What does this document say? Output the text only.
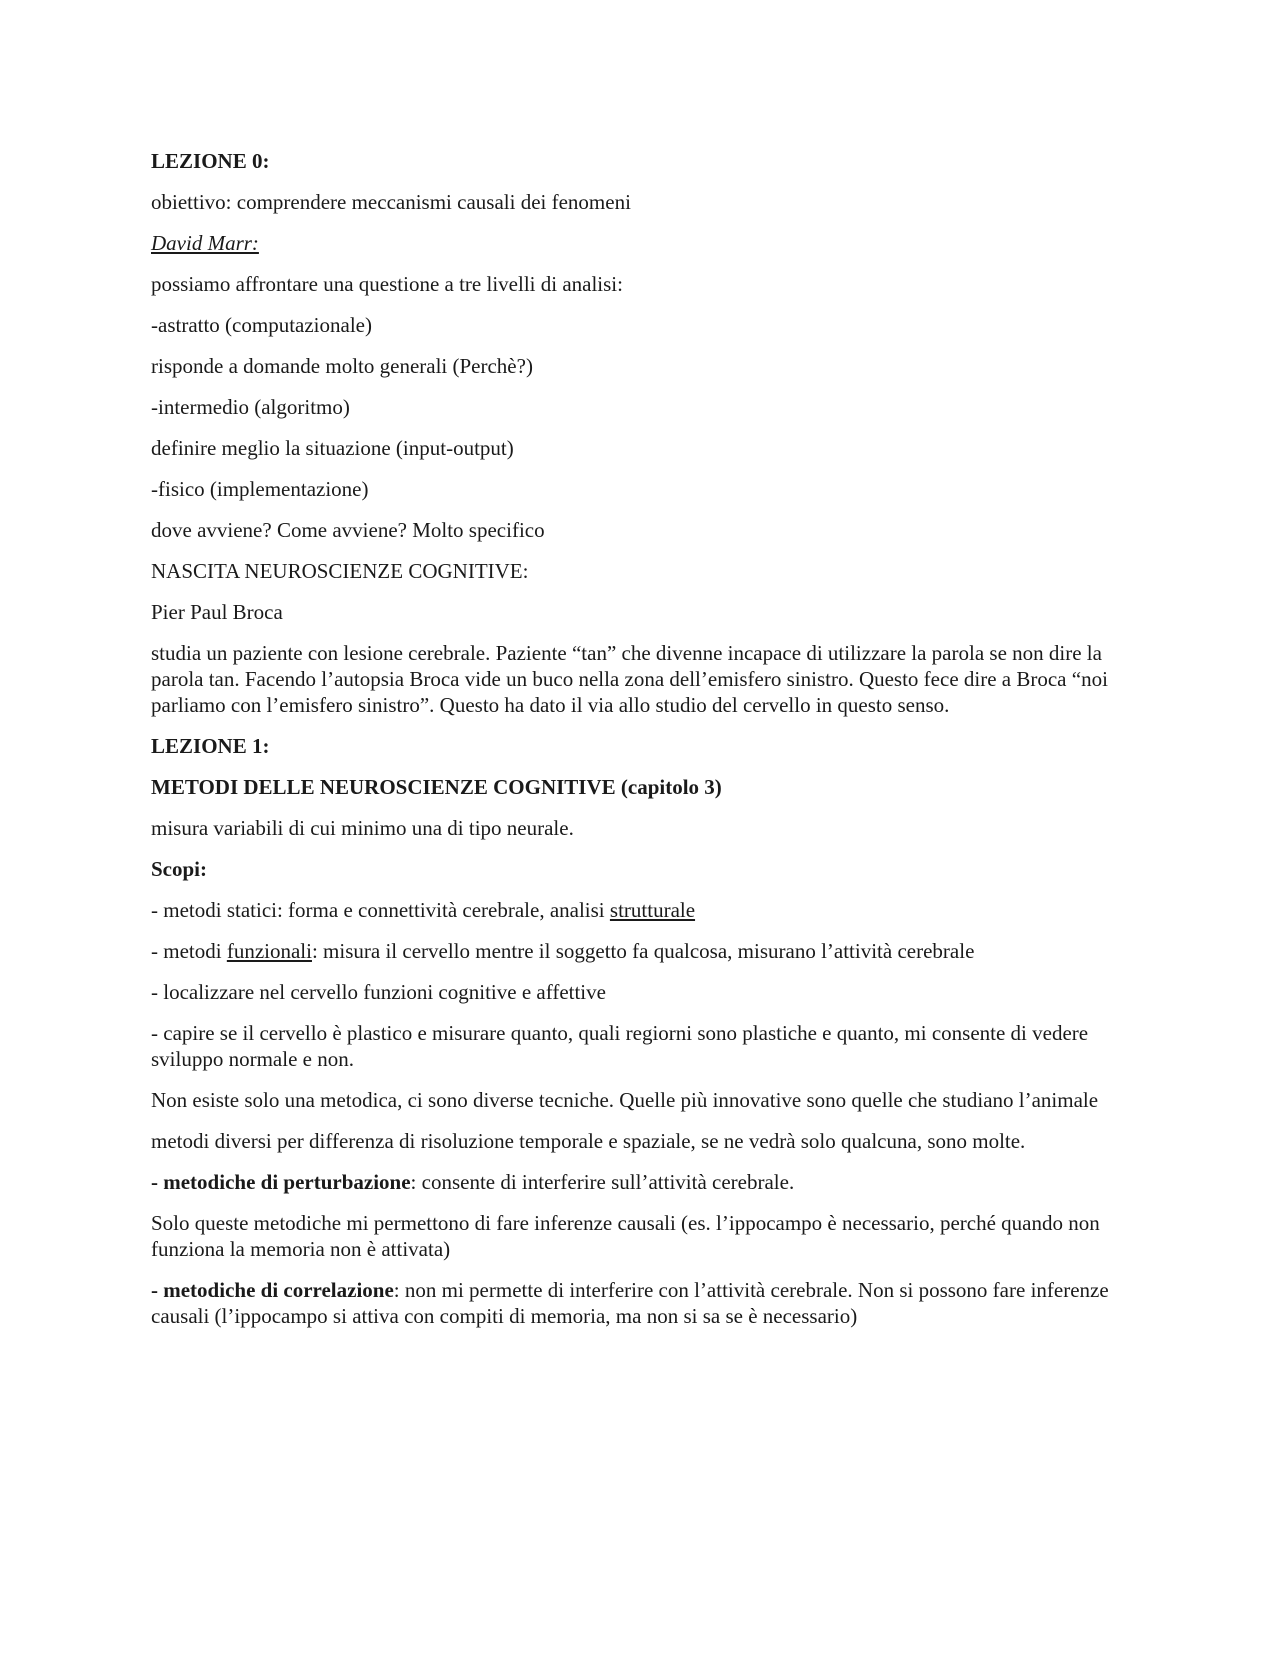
LEZIONE 0:

obiettivo: comprendere meccanismi causali dei fenomeni

David Marr:

possiamo affrontare una questione a tre livelli di analisi:

-astratto (computazionale)

risponde a domande molto generali (Perchè?)

-intermedio (algoritmo)

definire meglio la situazione (input-output)

-fisico (implementazione)

dove avviene? Come avviene? Molto specifico

NASCITA NEUROSCIENZE COGNITIVE:

Pier Paul Broca

studia un paziente con lesione cerebrale. Paziente “tan” che divenne incapace di utilizzare la parola se non dire la parola tan. Facendo l’autopsia Broca vide un buco nella zona dell’emisfero sinistro. Questo fece dire a Broca “noi parliamo con l’emisfero sinistro”. Questo ha dato il via allo studio del cervello in questo senso.

LEZIONE 1:

METODI DELLE NEUROSCIENZE COGNITIVE (capitolo 3)

misura variabili di cui minimo una di tipo neurale.

Scopi:

- metodi statici: forma e connettività cerebrale, analisi strutturale

- metodi funzionali: misura il cervello mentre il soggetto fa qualcosa, misurano l’attività cerebrale

- localizzare nel cervello funzioni cognitive e affettive

- capire se il cervello è plastico e misurare quanto, quali regiorni sono plastiche e quanto, mi consente di vedere sviluppo normale e non.

Non esiste solo una metodica, ci sono diverse tecniche. Quelle più innovative sono quelle che studiano l’animale

metodi diversi per differenza di risoluzione temporale e spaziale, se ne vedrà solo qualcuna, sono molte.

- metodiche di perturbazione: consente di interferire sull’attività cerebrale.

Solo queste metodiche mi permettono di fare inferenze causali (es. l’ippocampo è necessario, perché quando non funziona la memoria non è attivata)

- metodiche di correlazione: non mi permette di interferire con l’attività cerebrale. Non si possono fare inferenze causali (l’ippocampo si attiva con compiti di memoria, ma non si sa se è necessario)
